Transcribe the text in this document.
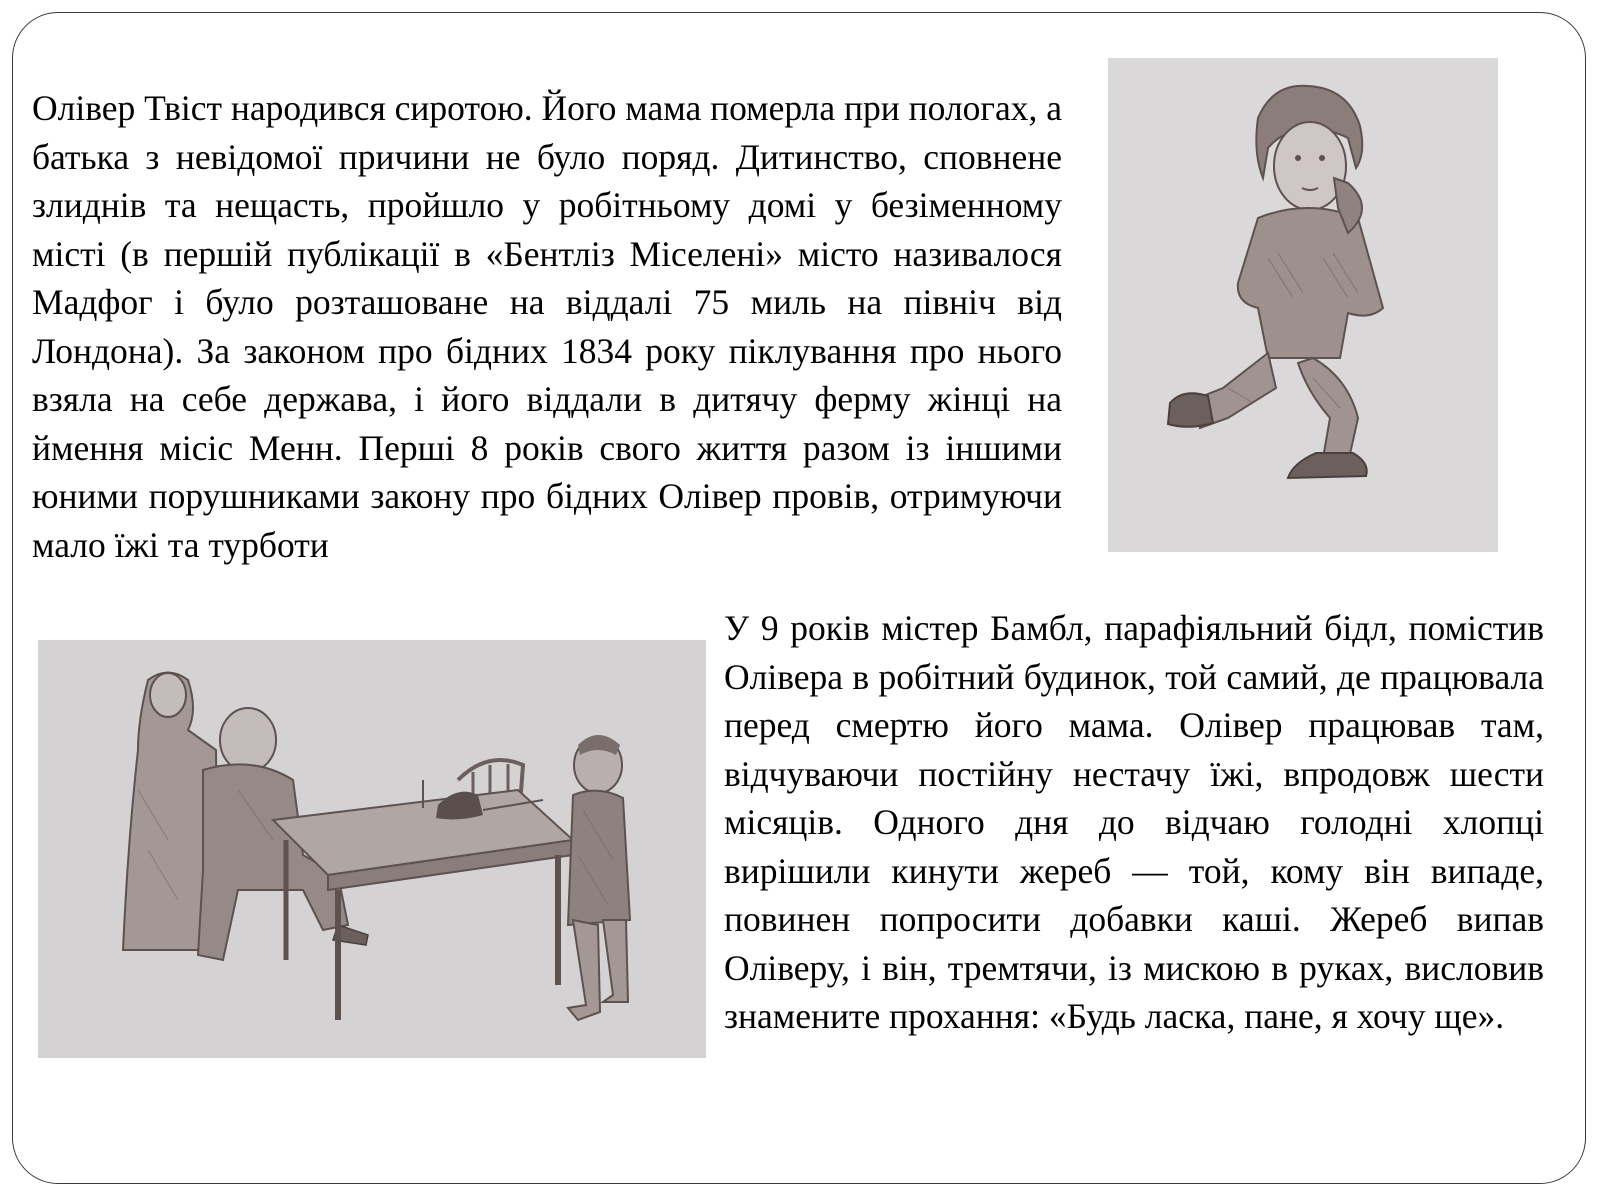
Олівер Твіст народився сиротою. Його мама померла при пологах, а батька з невідомої причини не було поряд. Дитинство, сповнене злиднів та нещасть, пройшло у робітньому домі у безіменному місті (в першій публікації в «Бентліз Міселені» місто називалося Мадфог і було розташоване на віддалі 75 миль на північ від Лондона). За законом про бідних 1834 року піклування про нього взяла на себе держава, і його віддали в дитячу ферму жінці на ймення місіс Менн. Перші 8 років свого життя разом із іншими юними порушниками закону про бідних Олівер провів, отримуючи мало їжі та турботи

У 9 років містер Бамбл, парафіяльний бідл, помістив Олівера в робітний будинок, той самий, де працювала перед смертю його мама. Олівер працював там, відчуваючи постійну нестачу їжі, впродовж шести місяців. Одного дня до відчаю голодні хлопці вирішили кинути жереб — той, кому він випаде, повинен попросити добавки каші. Жереб випав Оліверу, і він, тремтячи, із мискою в руках, висловив знамените прохання: «Будь ласка, пане, я хочу ще».
